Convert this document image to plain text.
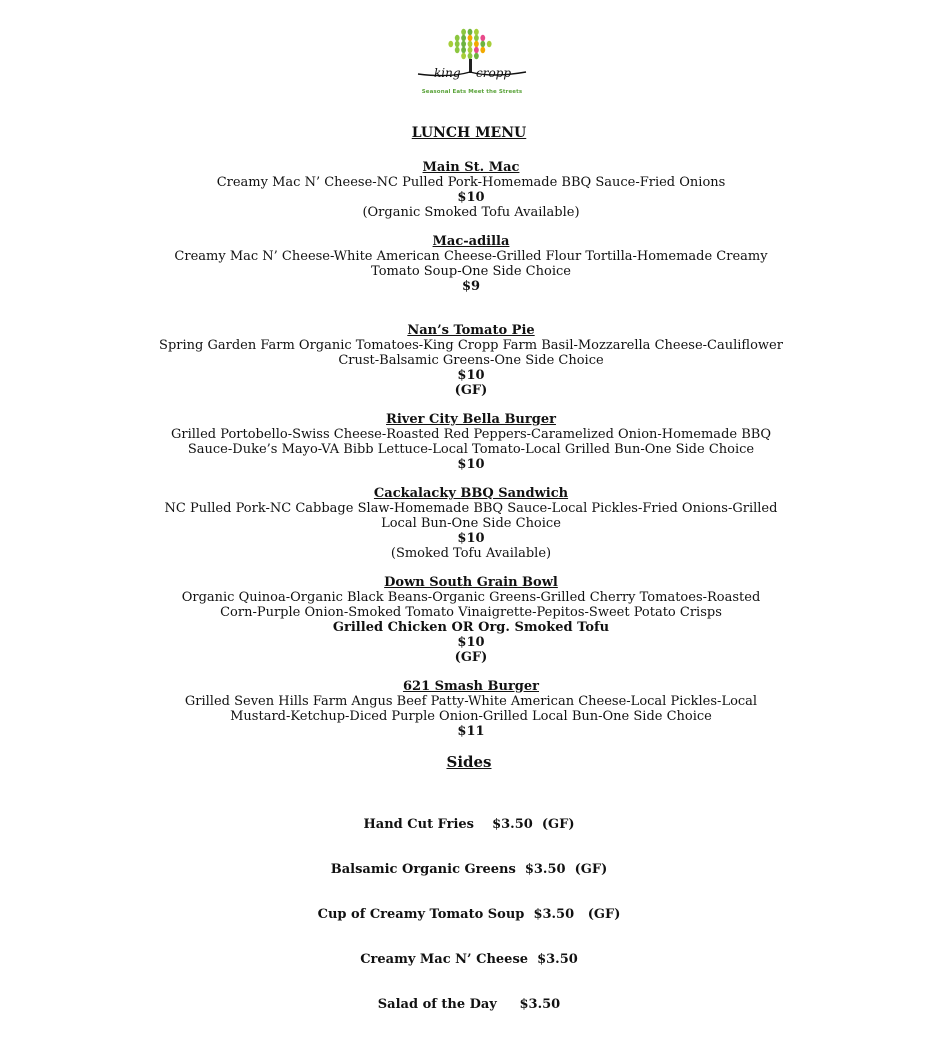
king cropp
Seasonal Eats Meet the Streets
LUNCH MENU
Main St. Mac
Creamy Mac N’ Cheese-NC Pulled Pork-Homemade BBQ Sauce-Fried Onions
$10
(Organic Smoked Tofu Available)
Mac-adilla
Creamy Mac N’ Cheese-White American Cheese-Grilled Flour Tortilla-Homemade Creamy
Tomato Soup-One Side Choice
$9
Nan’s Tomato Pie
Spring Garden Farm Organic Tomatoes-King Cropp Farm Basil-Mozzarella Cheese-Cauliflower
Crust-Balsamic Greens-One Side Choice
$10
(GF)
River City Bella Burger
Grilled Portobello-Swiss Cheese-Roasted Red Peppers-Caramelized Onion-Homemade BBQ
Sauce-Duke’s Mayo-VA Bibb Lettuce-Local Tomato-Local Grilled Bun-One Side Choice
$10
Cackalacky BBQ Sandwich
NC Pulled Pork-NC Cabbage Slaw-Homemade BBQ Sauce-Local Pickles-Fried Onions-Grilled
Local Bun-One Side Choice
$10
(Smoked Tofu Available)
Down South Grain Bowl
Organic Quinoa-Organic Black Beans-Organic Greens-Grilled Cherry Tomatoes-Roasted
Corn-Purple Onion-Smoked Tomato Vinaigrette-Pepitos-Sweet Potato Crisps
Grilled Chicken OR Org. Smoked Tofu
$10
(GF)
621 Smash Burger
Grilled Seven Hills Farm Angus Beef Patty-White American Cheese-Local Pickles-Local
Mustard-Ketchup-Diced Purple Onion-Grilled Local Bun-One Side Choice
$11
Sides

Hand Cut Fries    $3.50  (GF)

Balsamic Organic Greens  $3.50  (GF)

Cup of Creamy Tomato Soup  $3.50   (GF)

Creamy Mac N’ Cheese  $3.50

Salad of the Day     $3.50
